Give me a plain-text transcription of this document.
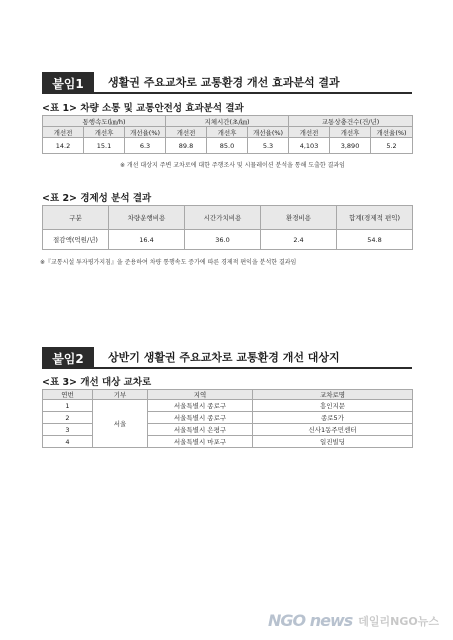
붙임1	생활권 주요교차로 교통환경 개선 효과분석 결과
<표 1> 차량 소통 및 교통안전성 효과분석 결과
통행속도(㎞/h)			지체시간(초/㎞)			교통상충건수(건/년)		
개선전	개선후	개선율(%)	개선전	개선후	개선율(%)	개선전	개선후	개선율(%)
14.2	15.1	6.3	89.8	85.0	5.3	4,103	3,890	5.2
※ 개선 대상지 주변 교차로에 대한 주행조사 및 시뮬레이션 분석을 통해 도출한 결과임
<표 2> 경제성 분석 결과
구분	차량운행비용	시간가치비용	환경비용	합계(경제적 편익)
절감액(억원/년)	16.4	36.0	2.4	54.8
※『교통시설 투자평가지침』을 준용하여 차량 통행속도 증가에 따른 경제적 편익을 분석한 결과임
붙임2	상반기 생활권 주요교차로 교통환경 개선 대상지
<표 3> 개선 대상 교차로
연번	기부	지역	교차로명
1	서울	서울특별시 종로구	흥인지문
2		서울특별시 종로구	종로5가
3		서울특별시 은평구	신사1동주민센터
4		서울특별시 마포구	일진빌딩
NGO news 데일리NGO뉴스
